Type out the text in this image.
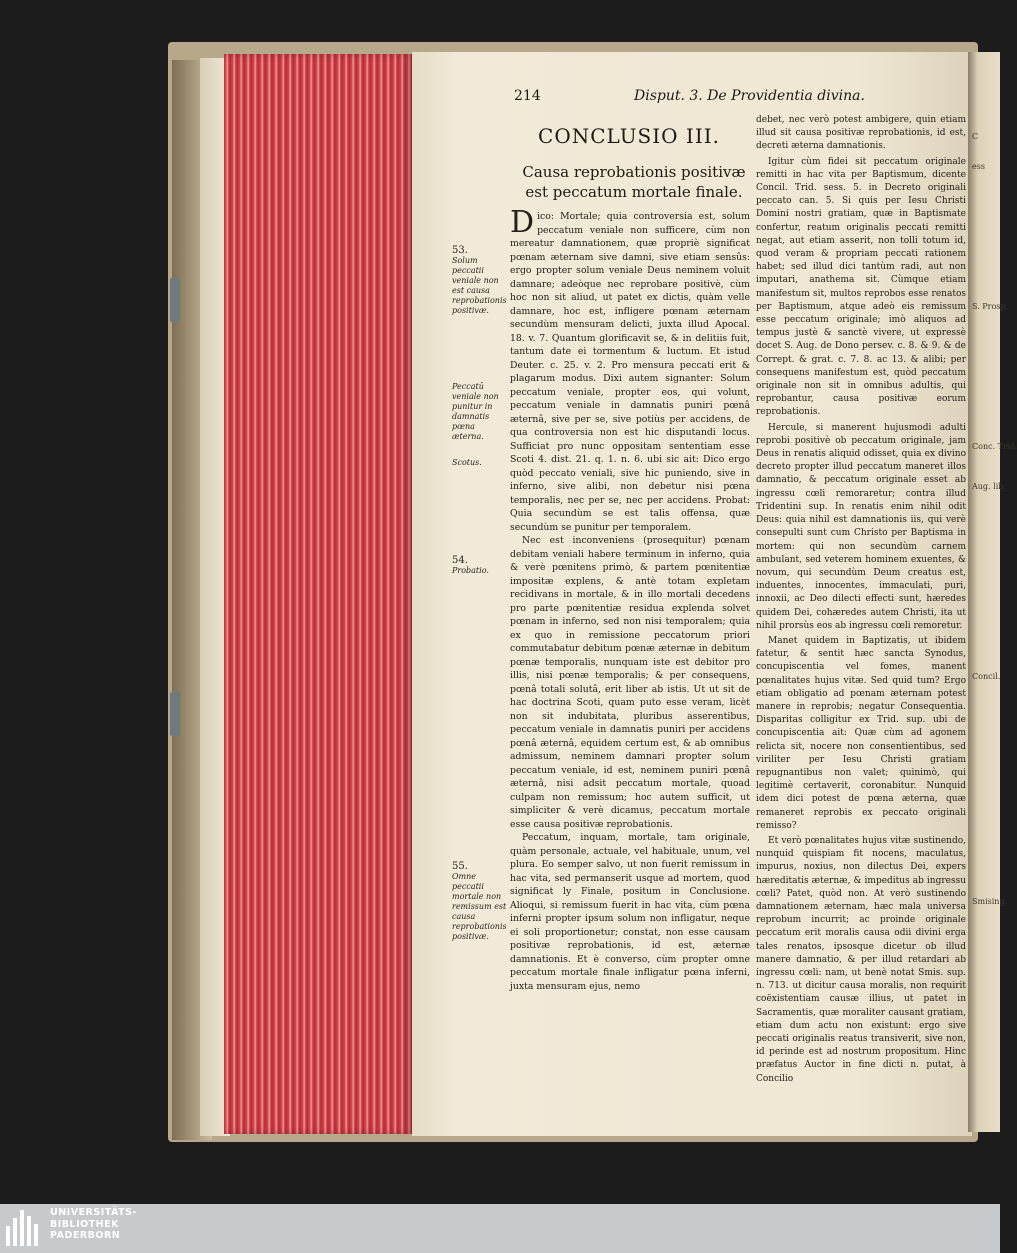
C
ess
S. Prosp.
Conc. Trid.
Aug. lib.
Concil.
Smising.
214	Disput. 3. De Providentia divina.
CONCLUSIO III.
Causa reprobationis positivæ est peccatum mortale finale.

Dico: Mortale; quia controversia est, solum peccatum veniale non sufficere, cùm non mereatur damnationem, quæ propriè significat pœnam æternam sive damni, sive etiam sensûs: ergo propter solum veniale Deus neminem voluit damnare; adeòque nec reprobare positivè, cùm hoc non sit aliud, ut patet ex dictis, quàm velle damnare, hoc est, infligere pœnam æternam secundùm mensuram delicti, juxta illud Apocal. 18. v. 7. Quantum glorificavit se, & in delitiis fuit, tantum date ei tormentum & luctum. Et istud Deuter. c. 25. v. 2. Pro mensura peccati erit & plagarum modus. Dixi autem signanter: Solum peccatum veniale, propter eos, qui volunt, peccatum veniale in damnatis puniri pœnâ æternâ, sive per se, sive potiùs per accidens, de qua controversia non est hic disputandi locus. Sufficiat pro nunc oppositam sententiam esse Scoti 4. dist. 21. q. 1. n. 6. ubi sic ait: Dico ergo quòd peccato veniali, sive hic puniendo, sive in inferno, sive alibi, non debetur nisi pœna temporalis, nec per se, nec per accidens. Probat: Quia secundùm se est talis offensa, quæ secundùm se punitur per temporalem.

Nec est inconveniens (prosequitur) pœnam debitam veniali habere terminum in inferno, quia & verè pœnitens primò, & partem pœnitentiæ impositæ explens, & antè totam expletam recidivans in mortale, & in illo mortali decedens pro parte pœnitentiæ residua explenda solvet pœnam in inferno, sed non nisi temporalem; quia ex quo in remissione peccatorum priori commutabatur debitum pœnæ æternæ in debitum pœnæ temporalis, nunquam iste est debitor pro illis, nisi pœnæ temporalis; & per consequens, pœnâ totali solutâ, erit liber ab istis. Ut ut sit de hac doctrina Scoti, quam puto esse veram, licèt non sit indubitata, pluribus asserentibus, peccatum veniale in damnatis puniri per accidens pœnâ æternâ, equidem certum est, & ab omnibus admissum, neminem damnari propter solum peccatum veniale, id est, neminem puniri pœnâ æternâ, nisi adsit peccatum mortale, quoad culpam non remissum; hoc autem sufficit, ut simpliciter & verè dicamus, peccatum mortale esse causa positivæ reprobationis.

Peccatum, inquam, mortale, tam originale, quàm personale, actuale, vel habituale, unum, vel plura. Eo semper salvo, ut non fuerit remissum in hac vita, sed permanserit usque ad mortem, quod significat ly Finale, positum in Conclusione. Alioqui, si remissum fuerit in hac vita, cùm pœna inferni propter ipsum solum non infligatur, neque ei soli proportionetur; constat, non esse causam positivæ reprobationis, id est, æternæ damnationis. Et è converso, cùm propter omne peccatum mortale finale infligatur pœna inferni, juxta mensuram ejus, nemo

debet, nec verò potest ambigere, quin etiam illud sit causa positivæ reprobationis, id est, decreti æterna damnationis.

Igitur cùm fidei sit peccatum originale remitti in hac vita per Baptismum, dicente Concil. Trid. sess. 5. in Decreto originali peccato can. 5. Si quis per Iesu Christi Domini nostri gratiam, quæ in Baptismate confertur, reatum originalis peccati remitti negat, aut etiam asserit, non tolli totum id, quod veram & propriam peccati rationem habet; sed illud dici tantùm radi, aut non imputari, anathema sit. Cùmque etiam manifestum sit, multos reprobos esse renatos per Baptismum, atque adeò eis remissum esse peccatum originale; imò aliquos ad tempus justè & sanctè vivere, ut expressè docet S. Aug. de Dono persev. c. 8. & 9. & de Corrept. & grat. c. 7. 8. ac 13. & alibi; per consequens manifestum est, quòd peccatum originale non sit in omnibus adultis, qui reprobantur, causa positivæ eorum reprobationis.

Hercule, si manerent hujusmodi adulti reprobi positivè ob peccatum originale, jam Deus in renatis aliquid odisset, quia ex divino decreto propter illud peccatum maneret illos damnatio, & peccatum originale esset ab ingressu cœli remoraretur; contra illud Tridentini sup. In renatis enim nihil odit Deus: quia nihil est damnationis iis, qui verè consepulti sunt cum Christo per Baptisma in mortem: qui non secundùm carnem ambulant, sed veterem hominem exuentes, & novum, qui secundùm Deum creatus est, induentes, innocentes, immaculati, puri, innoxii, ac Deo dilecti effecti sunt, hæredes quidem Dei, cohæredes autem Christi, ita ut nihil prorsùs eos ab ingressu cœli remoretur.

Manet quidem in Baptizatis, ut ibidem fatetur, & sentit hæc sancta Synodus, concupiscentia vel fomes, manent pœnalitates hujus vitæ. Sed quid tum? Ergo etiam obligatio ad pœnam æternam potest manere in reprobis; negatur Consequentia. Disparitas colligitur ex Trid. sup. ubi de concupiscentia ait: Quæ cùm ad agonem relicta sit, nocere non consentientibus, sed viriliter per Iesu Christi gratiam repugnantibus non valet; quinimò, qui legitimè certaverit, coronabitur. Nunquid idem dici potest de pœna æterna, quæ remaneret reprobis ex peccato originali remisso?

Et verò pœnalitates hujus vitæ sustinendo, nunquid quispiam fit nocens, maculatus, impurus, noxius, non dilectus Dei, expers hæreditatis æternæ, & impeditus ab ingressu cœli? Patet, quòd non. At verò sustinendo damnationem æternam, hæc mala universa reprobum incurrit; ac proinde originale peccatum erit moralis causa odii divini erga tales renatos, ipsosque dicetur ob illud manere damnatio, & per illud retardari ab ingressu cœli: nam, ut benè notat Smis. sup. n. 713. ut dicitur causa moralis, non requirit coëxistentiam causæ illius, ut patet in Sacramentis, quæ moraliter causant gratiam, etiam dum actu non existunt: ergo sive peccati originalis reatus transiverit, sive non, id perinde est ad nostrum propositum. Hinc præfatus Auctor in fine dicti n. putat, à Concilio

53.
Solum peccatii veniale non est causa reprobationis positivæ.
Peccatū veniale non punitur in damnatis pœna æterna.
Scotus.
54.
Probatio.
55.
Omne peccatii mortale non remissum est causa reprobationis positivæ.
UNIVERSITÄTS-
BIBLIOTHEK
PADERBORN
